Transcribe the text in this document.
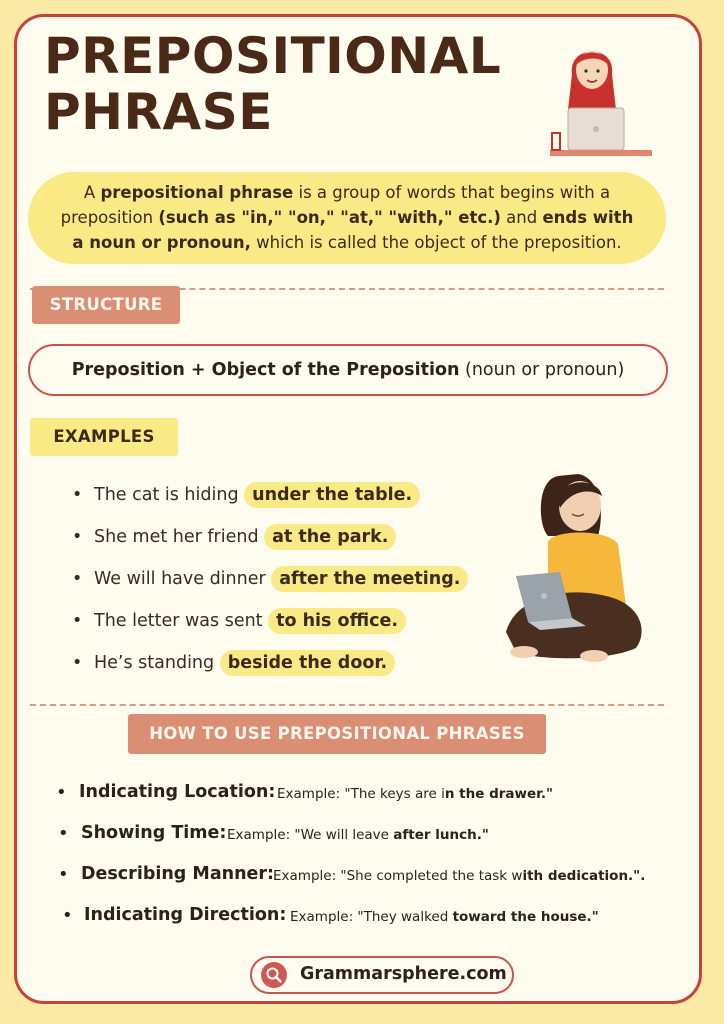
PREPOSITIONAL
PHRASE
A prepositional phrase is a group of words that begins with a preposition (such as "in," "on," "at," "with," etc.) and ends with a noun or pronoun, which is called the object of the preposition.
STRUCTURE
Preposition + Object of the Preposition (noun or pronoun)
EXAMPLES
• The cat is hiding under the table.
• She met her friend at the park.
• We will have dinner after the meeting.
• The letter was sent to his office.
• He’s standing beside the door.
HOW TO USE PREPOSITIONAL PHRASES
• Indicating Location: Example: "The keys are in the drawer."
• Showing Time: Example: "We will leave after lunch."
• Describing Manner:
Example: "She completed the task with dedication.".
• Indicating Direction: Example: "They walked toward the house."
Grammarsphere.com
